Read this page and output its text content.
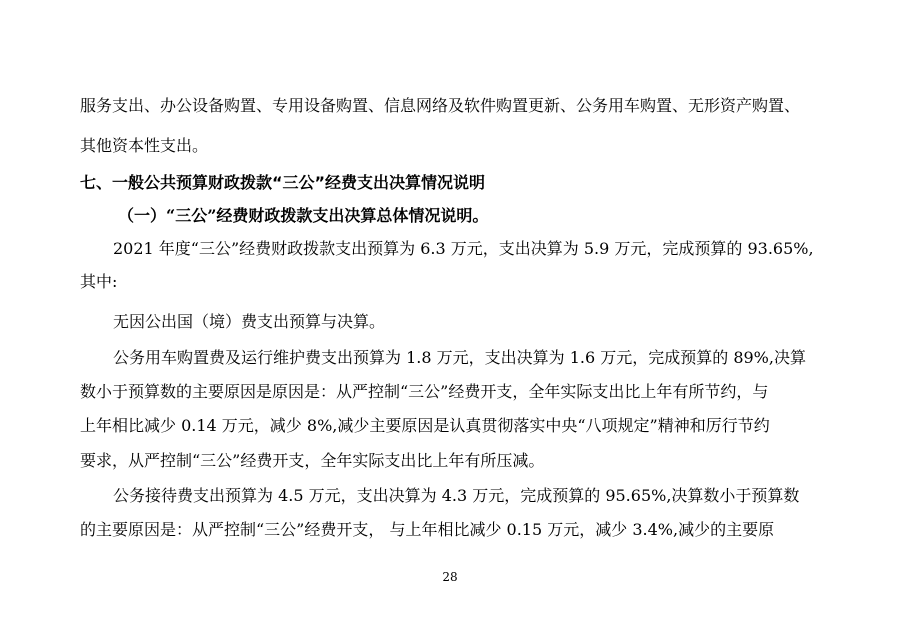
服务支出、办公设备购置、专用设备购置、信息网络及软件购置更新、公务用车购置、无形资产购置、
其他资本性支出。
七、一般公共预算财政拨款“三公”经费支出决算情况说明
（一）“三公”经费财政拨款支出决算总体情况说明。
2021 年度“三公”经费财政拨款支出预算为 6.3 万元，支出决算为 5.9 万元，完成预算的 93.65%,
其中:
无因公出国（境）费支出预算与决算。
公务用车购置费及运行维护费支出预算为 1.8 万元，支出决算为 1.6 万元，完成预算的 89%,决算
数小于预算数的主要原因是原因是：从严控制“三公”经费开支，全年实际支出比上年有所节约，与
上年相比减少 0.14 万元，减少 8%,减少主要原因是认真贯彻落实中央“八项规定”精神和厉行节约
要求，从严控制“三公”经费开支，全年实际支出比上年有所压减。
公务接待费支出预算为 4.5 万元，支出决算为 4.3 万元，完成预算的 95.65%,决算数小于预算数
的主要原因是：从严控制“三公”经费开支， 与上年相比减少 0.15 万元，减少 3.4%,减少的主要原
28
